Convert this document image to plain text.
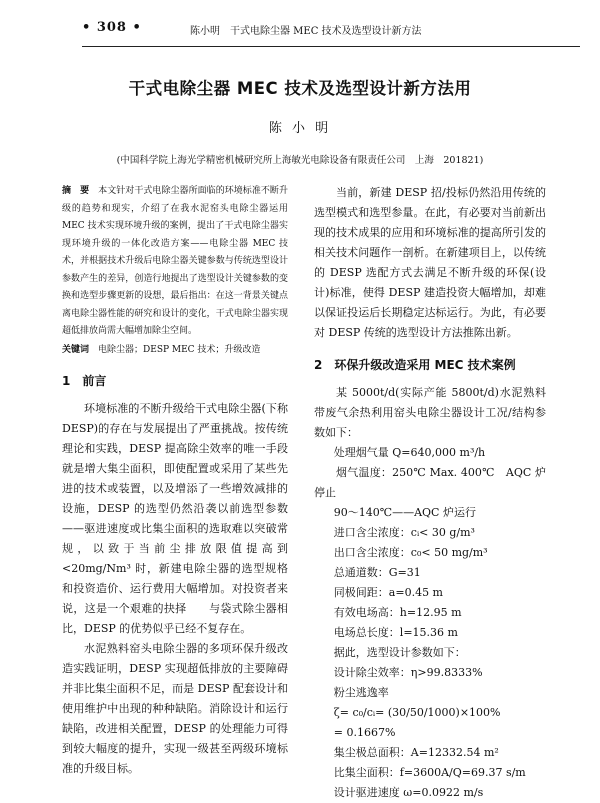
• 308 •	陈小明　干式电除尘器 MEC 技术及选型设计新方法
干式电除尘器 MEC 技术及选型设计新方法用
陈 小 明
(中国科学院上海光学精密机械研究所上海敏光电除设备有限责任公司　上海　201821)
摘　要　 本文针对干式电除尘器所面临的环境标准不断升级的趋势和现实，介绍了在我水泥窑头电除尘器运用 MEC 技术实现环境升级的案例，提出了干式电除尘器实现环境升级的一体化改造方案——电除尘器 MEC 技术，并根据技术升级后电除尘器关键参数与传统选型设计参数产生的差异，创造行地提出了选型设计关键参数的变换和选型步骤更新的设想，最后指出：在这一背景关键点离电除尘器性能的研究和设计的变化，干式电除尘器实现超低排放尚需大幅增加除尘空间。
关键词　 电除尘器；DESP MEC 技术；升级改造
1　前言

环境标准的不断升级给干式电除尘器(下称 DESP)的存在与发展提出了严重挑战。按传统理论和实践，DESP 提高除尘效率的唯一手段就是增大集尘面积，即使配置或采用了某些先进的技术或装置，以及增添了一些增效减排的设施，DESP 的选型仍然沿袭以前选型参数——驱进速度或比集尘面积的选取难以突破常规，以致于当前尘排放限值提高到<20mg/Nm³ 时，新建电除尘器的选型规格和投资造价、运行费用大幅增加。对投资者来说，这是一个艰难的抉择　　与袋式除尘器相比，DESP 的优势似乎已经不复存在。

水泥熟料窑头电除尘器的多项环保升级改造实践证明，DESP 实现超低排放的主要障碍并非比集尘面积不足，而是 DESP 配套设计和使用维护中出现的种种缺陷。消除设计和运行缺陷，改进相关配置，DESP 的处理能力可得到较大幅度的提升，实现一级甚至两级环境标准的升级目标。

当前，新建 DESP 招/投标仍然沿用传统的选型模式和选型参量。在此，有必要对当前新出现的技术成果的应用和环境标准的提高所引发的相关技术问题作一剖析。在新建项目上，以传统的 DESP 选配方式去满足不断升级的环保(设计)标准，使得 DESP 建造投资大幅增加，却难以保证投运后长期稳定达标运行。为此，有必要对 DESP 传统的选型设计方法推陈出新。

2　环保升级改造采用 MEC 技术案例

某 5000t/d(实际产能 5800t/d)水泥熟料带废气余热利用窑头电除尘器设计工况/结构参数如下：

处理烟气量 Q=640,000 m³/h

烟气温度：250℃ Max. 400℃　AQC 炉停止

90～140℃——AQC 炉运行

进口含尘浓度：cᵢ< 30 g/m³

出口含尘浓度：c₀< 50 mg/m³

总通道数：G=31

同极间距：a=0.45 m

有效电场高：h=12.95 m

电场总长度：l=15.36 m

据此，选型设计参数如下：

设计除尘效率：η>99.8333%

粉尘逃逸率

ζ= c₀/cᵢ= (30/50/1000)×100%

= 0.1667%

集尘极总面积：A=12332.54 m²

比集尘面积：f=3600A/Q=69.37 s/m

设计驱进速度 ω=0.0922 m/s
